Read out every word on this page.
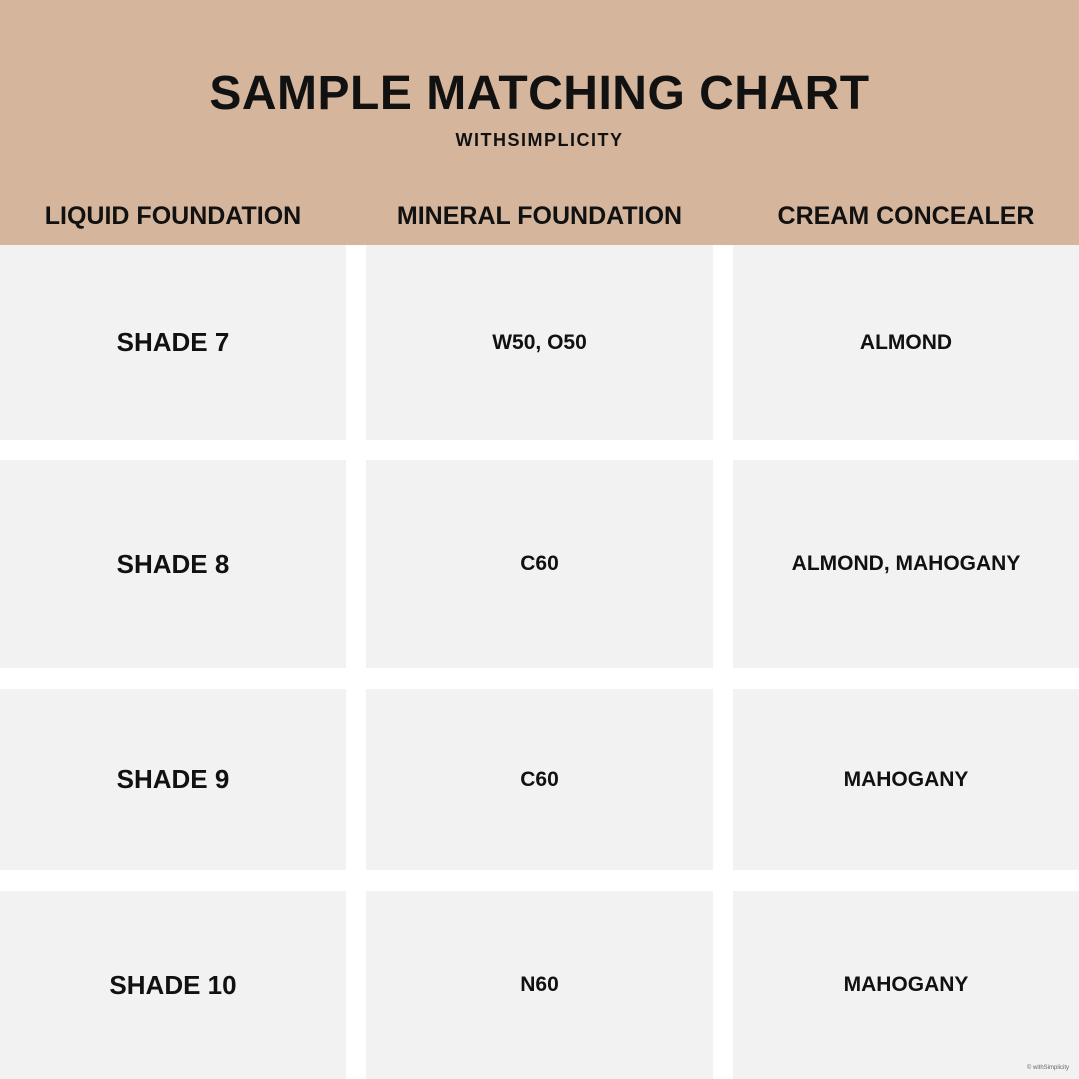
SAMPLE MATCHING CHART
WITHSIMPLICITY
LIQUID FOUNDATION	MINERAL FOUNDATION	CREAM CONCEALER
SHADE 7	W50, O50	ALMOND
SHADE 8	C60	ALMOND, MAHOGANY
SHADE 9	C60	MAHOGANY
SHADE 10	N60	MAHOGANY
© withSimplicity
